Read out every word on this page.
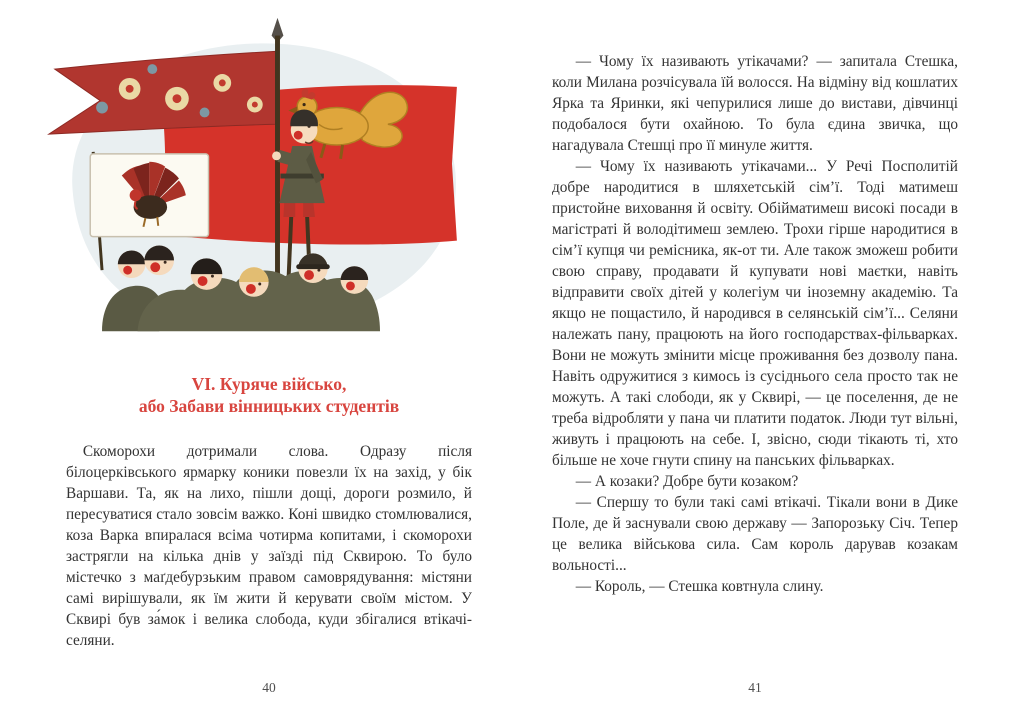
VI. Куряче військо,
або Забави вінницьких студентів

Скоморохи дотримали слова. Одразу після білоцерківського ярмарку коники повезли їх на захід, у бік Варшави. Та, як на лихо, пішли дощі, дороги розмило, й пересуватися стало зовсім важко. Коні швидко стомлювалися, коза Варка впиралася всіма чотирма копитами, і скоморохи застрягли на кілька днів у заїзді під Сквирою. То було містечко з маґдебурзьким правом самоврядування: містяни самі вирішували, як їм жити й керувати своїм містом. У Сквирі був за́мок і велика слобода, куди збігалися втікачі-селяни.

40

— Чому їх називають утікачами? — запитала Стешка, коли Милана розчісувала їй волосся. На відміну від кошлатих Ярка та Яринки, які чепурилися лише до вистави, дівчинці подобалося бути охайною. То була єдина звичка, що нагадувала Стешці про її минуле життя.

— Чому їх називають утікачами... У Речі Посполитій добре народитися в шляхетській сім’ї. Тоді матимеш пристойне виховання й освіту. Обійматимеш високі посади в магістраті й володітимеш землею. Трохи гірше народитися в сім’ї купця чи ремісника, як-от ти. Але також зможеш робити свою справу, продавати й купувати нові маєтки, навіть відправити своїх дітей у колегіум чи іноземну академію. Та якщо не пощастило, й народився в селянській сім’ї... Селяни належать пану, працюють на його господарствах-фільварках. Вони не можуть змінити місце проживання без дозволу пана. Навіть одружитися з кимось із сусіднього села просто так не можуть. А такі слободи, як у Сквирі, — це поселення, де не треба відробляти у пана чи платити податок. Люди тут вільні, живуть і працюють на себе. І, звісно, сюди тікають ті, хто більше не хоче гнути спину на панських фільварках.

— А козаки? Добре бути козаком?

— Спершу то були такі самі втікачі. Тікали вони в Дике Поле, де й заснували свою державу — Запорозьку Січ. Тепер це велика військова сила. Сам король дарував козакам вольності...

— Король, — Стешка ковтнула слину.

41
